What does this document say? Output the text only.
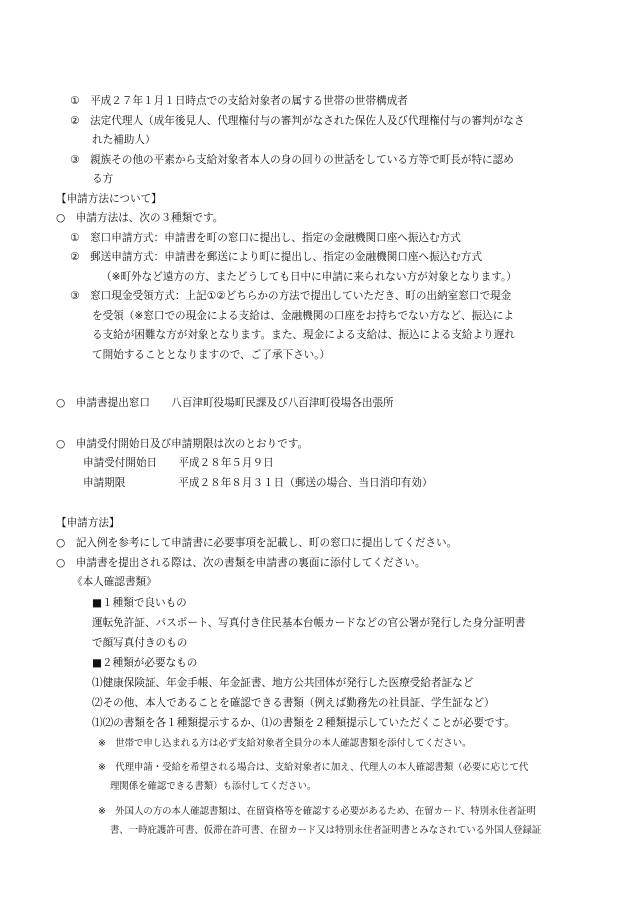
①　平成２７年１月１日時点での支給対象者の属する世帯の世帯構成者
②　法定代理人（成年後見人、代理権付与の審判がなされた保佐人及び代理権付与の審判がなさ
れた補助人）
③　親族その他の平素から支給対象者本人の身の回りの世話をしている方等で町長が特に認め
る方
【申請方法について】
○　申請方法は、次の３種類です。
①　窓口申請方式：申請書を町の窓口に提出し、指定の金融機関口座へ振込む方式
②　郵送申請方式：申請書を郵送により町に提出し、指定の金融機関口座へ振込む方式
（※町外など遠方の方、またどうしても日中に申請に来られない方が対象となります。）
③　窓口現金受領方式：上記①②どちらかの方法で提出していただき、町の出納室窓口で現金
を受領（※窓口での現金による支給は、金融機関の口座をお持ちでない方など、振込によ
る支給が困難な方が対象となります。また、現金による支給は、振込による支給より遅れ
て開始することとなりますので、ご了承下さい。）
○　申請書提出窓口　　八百津町役場町民課及び八百津町役場各出張所
○　申請受付開始日及び申請期限は次のとおりです。
申請受付開始日　　平成２８年５月９日
申請期限　　　　　平成２８年８月３１日（郵送の場合、当日消印有効）
【申請方法】
○　記入例を参考にして申請書に必要事項を記載し、町の窓口に提出してください。
○　申請書を提出される際は、次の書類を申請書の裏面に添付してください。
《本人確認書類》
■１種類で良いもの
運転免許証、パスポート、写真付き住民基本台帳カードなどの官公署が発行した身分証明書
で顔写真付きのもの
■２種類が必要なもの
⑴健康保険証、年金手帳、年金証書、地方公共団体が発行した医療受給者証など
⑵その他、本人であることを確認できる書類（例えば勤務先の社員証、学生証など）
⑴⑵の書類を各１種類提示するか、⑴の書類を２種類提示していただくことが必要です。
※　世帯で申し込まれる方は必ず支給対象者全員分の本人確認書類を添付してください。
※　代理申請・受給を希望される場合は、支給対象者に加え、代理人の本人確認書類（必要に応じて代
理関係を確認できる書類）も添付してください。
※　外国人の方の本人確認書類は、在留資格等を確認する必要があるため、在留カード、特別永住者証明
書、一時庇護許可書、仮滞在許可書、在留カード又は特別永住者証明書とみなされている外国人登録証
